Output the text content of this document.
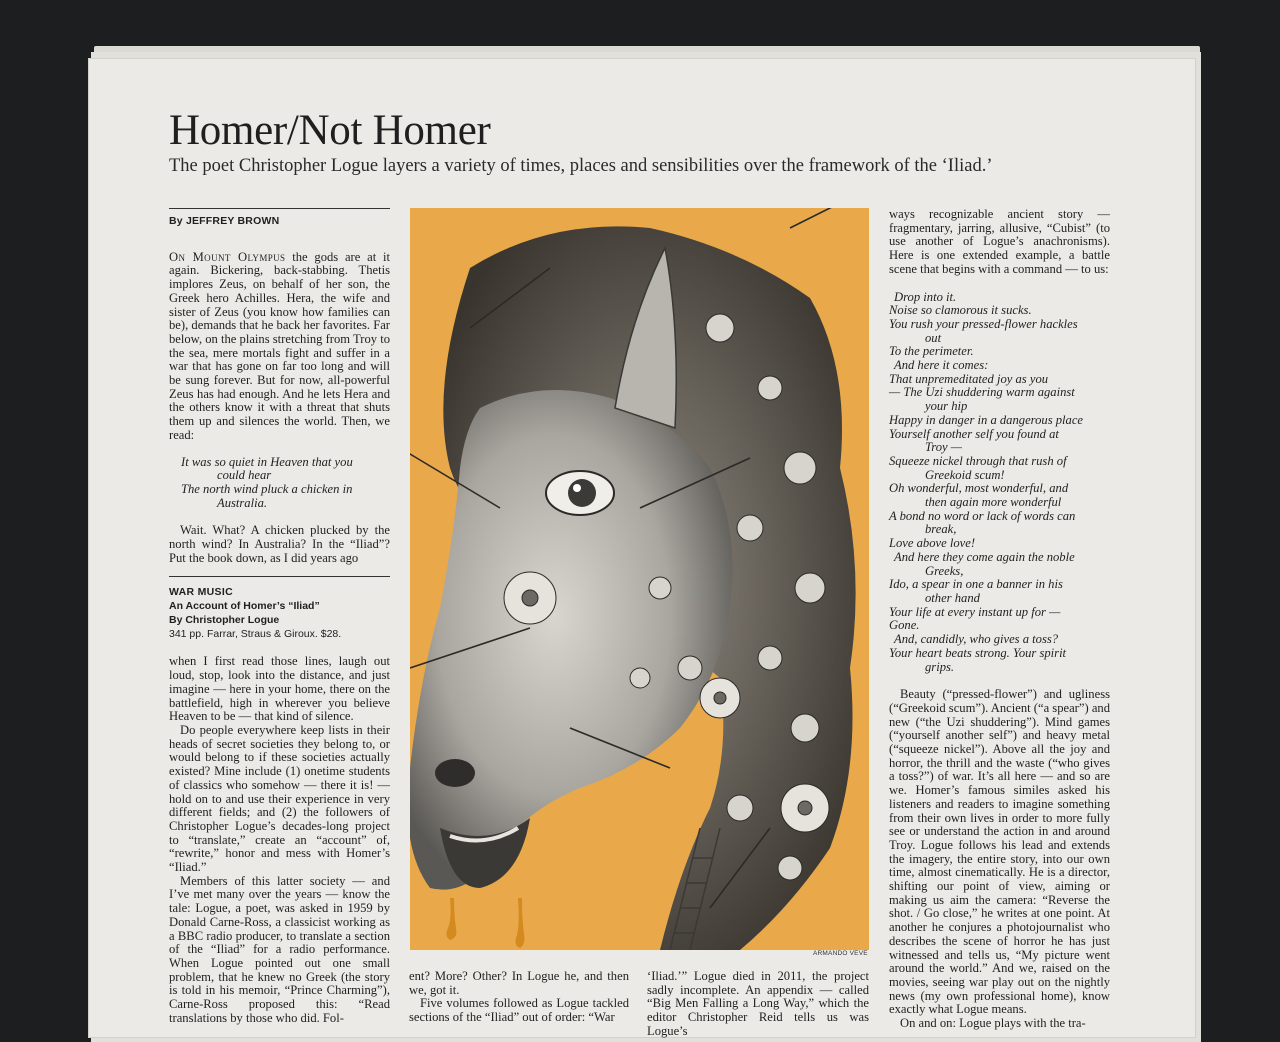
Homer/Not Homer

The poet Christopher Logue layers a variety of times, places and sensibilities over the framework of the ‘Iliad.’

By JEFFREY BROWN

On Mount Olympus the gods are at it again. Bickering, back-stabbing. Thetis implores Zeus, on behalf of her son, the Greek hero Achilles. Hera, the wife and sister of Zeus (you know how families can be), demands that he back her favorites. Far below, on the plains stretching from Troy to the sea, mere mortals fight and suffer in a war that has gone on far too long and will be sung forever. But for now, all-powerful Zeus has had enough. And he lets Hera and the others know it with a threat that shuts them up and silences the world. Then, we read:

It was so quiet in Heaven that you

could hear

The north wind pluck a chicken in

Australia.

Wait. What? A chicken plucked by the north wind? In Australia? In the “Iliad”? Put the book down, as I did years ago

WAR MUSIC
An Account of Homer’s “Iliad”
By Christopher Logue
341 pp. Farrar, Straus & Giroux. $28.

when I first read those lines, laugh out loud, stop, look into the distance, and just imagine — here in your home, there on the battlefield, high in wherever you believe Heaven to be — that kind of silence.

Do people everywhere keep lists in their heads of secret societies they belong to, or would belong to if these societies actually existed? Mine include (1) onetime students of classics who somehow — there it is! — hold on to and use their experience in very different fields; and (2) the followers of Christopher Logue’s decades-long project to “translate,” create an “account” of, “rewrite,” honor and mess with Homer’s “Iliad.”

Members of this latter society — and I’ve met many over the years — know the tale: Logue, a poet, was asked in 1959 by Donald Carne-Ross, a classicist working as a BBC radio producer, to translate a section of the “Iliad” for a radio performance. When Logue pointed out one small problem, that he knew no Greek (the story is told in his memoir, “Prince Charming”), Carne-Ross proposed this: “Read translations by those who did. Fol-

ARMANDO VEVE

ent? More? Other? In Logue he, and then we, got it.

Five volumes followed as Logue tackled sections of the “Iliad” out of order: “War

‘Iliad.’” Logue died in 2011, the project sadly incomplete. An appendix — called “Big Men Falling a Long Way,” which the editor Christopher Reid tells us was Logue’s

ways recognizable ancient story — fragmentary, jarring, allusive, “Cubist” (to use another of Logue’s anachronisms). Here is one extended example, a battle scene that begins with a command — to us:

Drop into it.

Noise so clamorous it sucks.

You rush your pressed-flower hackles

out

To the perimeter.

And here it comes:

That unpremeditated joy as you

— The Uzi shuddering warm against

your hip

Happy in danger in a dangerous place

Yourself another self you found at

Troy —

Squeeze nickel through that rush of

Greekoid scum!

Oh wonderful, most wonderful, and

then again more wonderful

A bond no word or lack of words can

break,

Love above love!

And here they come again the noble

Greeks,

Ido, a spear in one a banner in his

other hand

Your life at every instant up for —

Gone.

And, candidly, who gives a toss?

Your heart beats strong. Your spirit

grips.

Beauty (“pressed-flower”) and ugliness (“Greekoid scum”). Ancient (“a spear”) and new (“the Uzi shuddering”). Mind games (“yourself another self”) and heavy metal (“squeeze nickel”). Above all the joy and horror, the thrill and the waste (“who gives a toss?”) of war. It’s all here — and so are we. Homer’s famous similes asked his listeners and readers to imagine something from their own lives in order to more fully see or understand the action in and around Troy. Logue follows his lead and extends the imagery, the entire story, into our own time, almost cinematically. He is a director, shifting our point of view, aiming or making us aim the camera: “Reverse the shot. / Go close,” he writes at one point. At another he conjures a photojournalist who describes the scene of horror he has just witnessed and tells us, “My picture went around the world.” And we, raised on the movies, seeing war play out on the nightly news (my own professional home), know exactly what Logue means.

On and on: Logue plays with the tra-
